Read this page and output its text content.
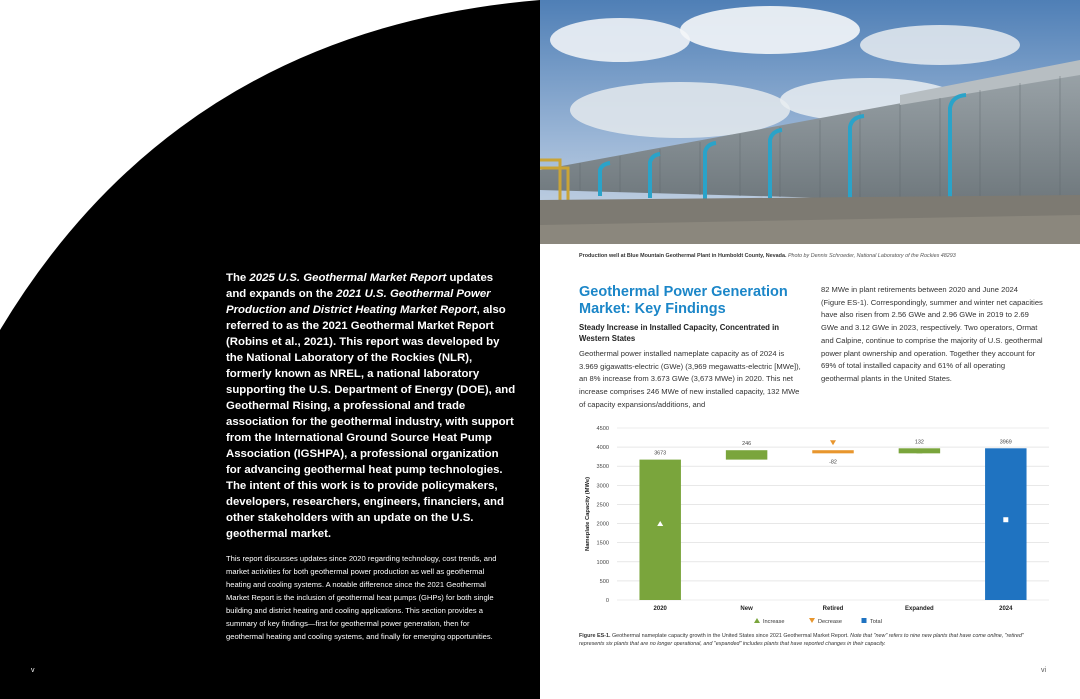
The 2025 U.S. Geothermal Market Report updates and expands on the 2021 U.S. Geothermal Power Production and District Heating Market Report, also referred to as the 2021 Geothermal Market Report (Robins et al., 2021). This report was developed by the National Laboratory of the Rockies (NLR), formerly known as NREL, a national laboratory supporting the U.S. Department of Energy (DOE), and Geothermal Rising, a professional and trade association for the geothermal industry, with support from the International Ground Source Heat Pump Association (IGSHPA), a professional organization for advancing geothermal heat pump technologies. The intent of this work is to provide policymakers, developers, researchers, engineers, financiers, and other stakeholders with an update on the U.S. geothermal market.

This report discusses updates since 2020 regarding technology, cost trends, and market activities for both geothermal power production as well as geothermal heating and cooling systems. A notable difference since the 2021 Geothermal Market Report is the inclusion of geothermal heat pumps (GHPs) for both single building and district heating and cooling applications. This section provides a summary of key findings—first for geothermal power generation, then for geothermal heating and cooling systems, and finally for emerging opportunities.

v
Production well at Blue Mountain Geothermal Plant in Humboldt County, Nevada. Photo by Dennis Schroeder, National Laboratory of the Rockies 48293
Geothermal Power Generation Market: Key Findings
Steady Increase in Installed Capacity, Concentrated in Western States

Geothermal power installed nameplate capacity as of 2024 is 3.969 gigawatts-electric (GWe) (3,969 megawatts-electric [MWe]), an 8% increase from 3.673 GWe (3,673 MWe) in 2020. This net increase comprises 246 MWe of new installed capacity, 132 MWe of capacity expansions/additions, and

82 MWe in plant retirements between 2020 and June 2024 (Figure ES-1). Correspondingly, summer and winter net capacities have also risen from 2.56 GWe and 2.96 GWe in 2019 to 2.69 GWe and 3.12 GWe in 2023, respectively. Two operators, Ormat and Calpine, continue to comprise the majority of U.S. geothermal power plant ownership and operation. Together they account for 69% of total installed capacity and 61% of all operating geothermal plants in the United States.

0
500
1000
1500
2000
2500
3000
3500
4000
4500
Nameplate Capacity (MWe)
3673
2020
246
New
-82
Retired
132
Expanded
3969
2024
Increase	Decrease	Total

Figure ES-1. Geothermal nameplate capacity growth in the United States since 2021 Geothermal Market Report. Note that "new" refers to nine new plants that have come online, "retired" represents six plants that are no longer operational, and "expanded" includes plants that have reported changes in their capacity.

vi
